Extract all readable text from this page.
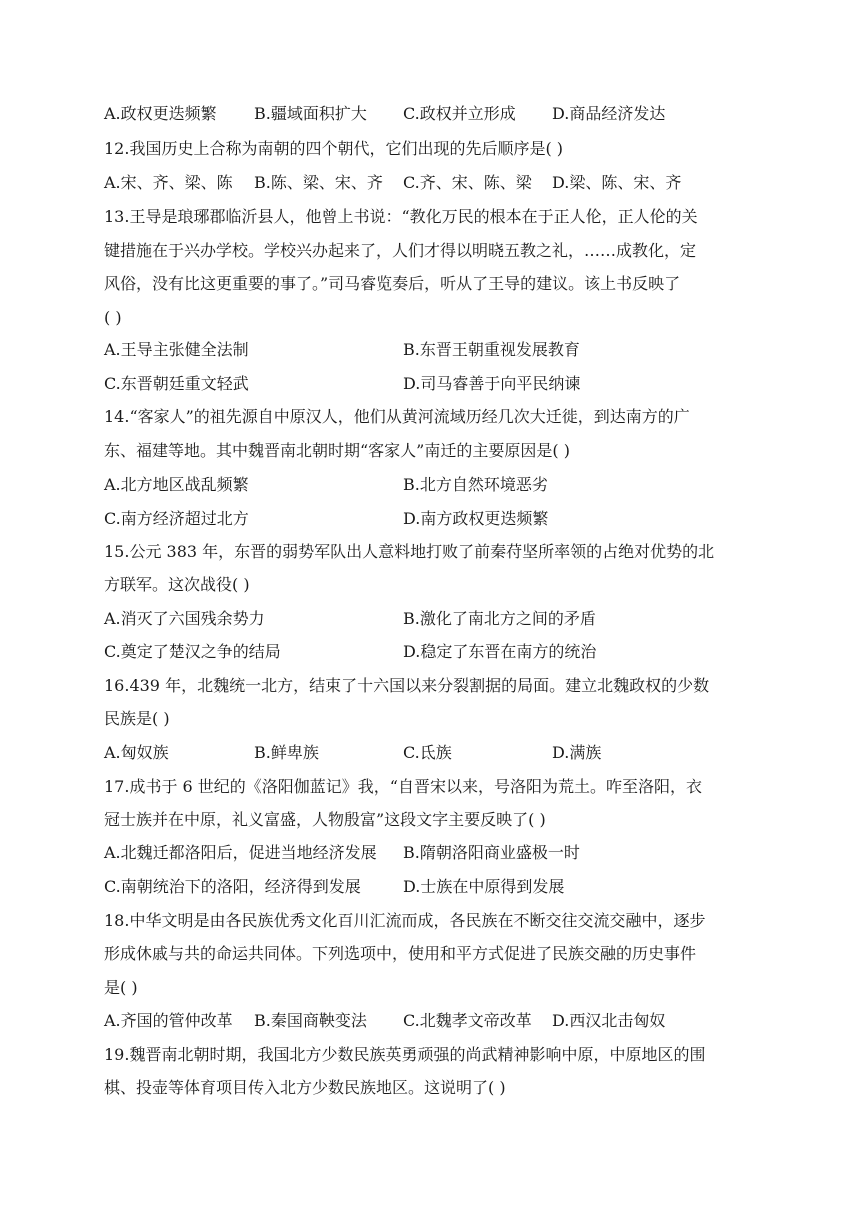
A.政权更迭频繁 B.疆域面积扩大 C.政权并立形成 D.商品经济发达
12.我国历史上合称为南朝的四个朝代，它们出现的先后顺序是( )
A.宋、齐、梁、陈 B.陈、梁、宋、齐 C.齐、宋、陈、梁 D.梁、陈、宋、齐
13.王导是琅琊郡临沂县人，他曾上书说：“教化万民的根本在于正人伦，正人伦的关
键措施在于兴办学校。学校兴办起来了，人们才得以明晓五教之礼，……成教化，定
风俗，没有比这更重要的事了。”司马睿览奏后，听从了王导的建议。该上书反映了
( )
A.王导主张健全法制	B.东晋王朝重视发展教育
C.东晋朝廷重文轻武	D.司马睿善于向平民纳谏
14.“客家人”的祖先源自中原汉人，他们从黄河流域历经几次大迁徙，到达南方的广
东、福建等地。其中魏晋南北朝时期“客家人”南迁的主要原因是( )
A.北方地区战乱频繁	B.北方自然环境恶劣
C.南方经济超过北方	D.南方政权更迭频繁
15.公元 383 年，东晋的弱势军队出人意料地打败了前秦苻坚所率领的占绝对优势的北
方联军。这次战役( )
A.消灭了六国残余势力	B.激化了南北方之间的矛盾
C.奠定了楚汉之争的结局	D.稳定了东晋在南方的统治
16.439 年，北魏统一北方，结束了十六国以来分裂割据的局面。建立北魏政权的少数
民族是( )
A.匈奴族	B.鲜卑族	C.氐族	D.满族
17.成书于 6 世纪的《洛阳伽蓝记》我，“自晋宋以来，号洛阳为荒土。咋至洛阳，衣
冠士族并在中原，礼义富盛，人物殷富”这段文字主要反映了( )
A.北魏迁都洛阳后，促进当地经济发展 B.隋朝洛阳商业盛极一时
C.南朝统治下的洛阳，经济得到发展	D.士族在中原得到发展
18.中华文明是由各民族优秀文化百川汇流而成，各民族在不断交往交流交融中，逐步
形成休戚与共的命运共同体。下列选项中，使用和平方式促进了民族交融的历史事件
是( )
A.齐国的管仲改革 B.秦国商鞅变法 C.北魏孝文帝改革 D.西汉北击匈奴
19.魏晋南北朝时期，我国北方少数民族英勇顽强的尚武精神影响中原，中原地区的围
棋、投壶等体育项目传入北方少数民族地区。这说明了( )
